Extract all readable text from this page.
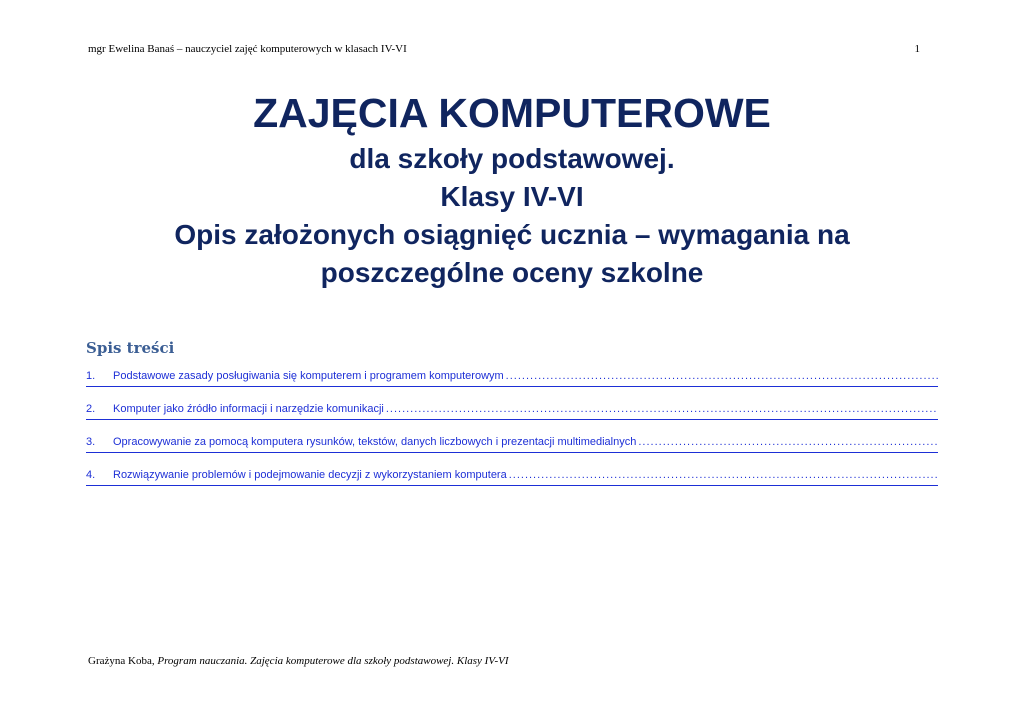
mgr Ewelina Banaś – nauczyciel zajęć komputerowych w klasach IV-VI	1
ZAJĘCIA KOMPUTEROWE
dla szkoły podstawowej.
Klasy IV-VI
Opis założonych osiągnięć ucznia – wymagania na
poszczególne oceny szkolne
Spis treści
1.	Podstawowe zasady posługiwania się komputerem i programem komputerowym
.....
2.	Komputer jako źródło informacji i narzędzie komunikacji
.....
3.	Opracowywanie za pomocą komputera rysunków, tekstów, danych liczbowych i prezentacji multimedialnych
.....
4.	Rozwiązywanie problemów i podejmowanie decyzji z wykorzystaniem komputera
.....
Grażyna Koba, Program nauczania. Zajęcia komputerowe dla szkoły podstawowej. Klasy IV-VI
